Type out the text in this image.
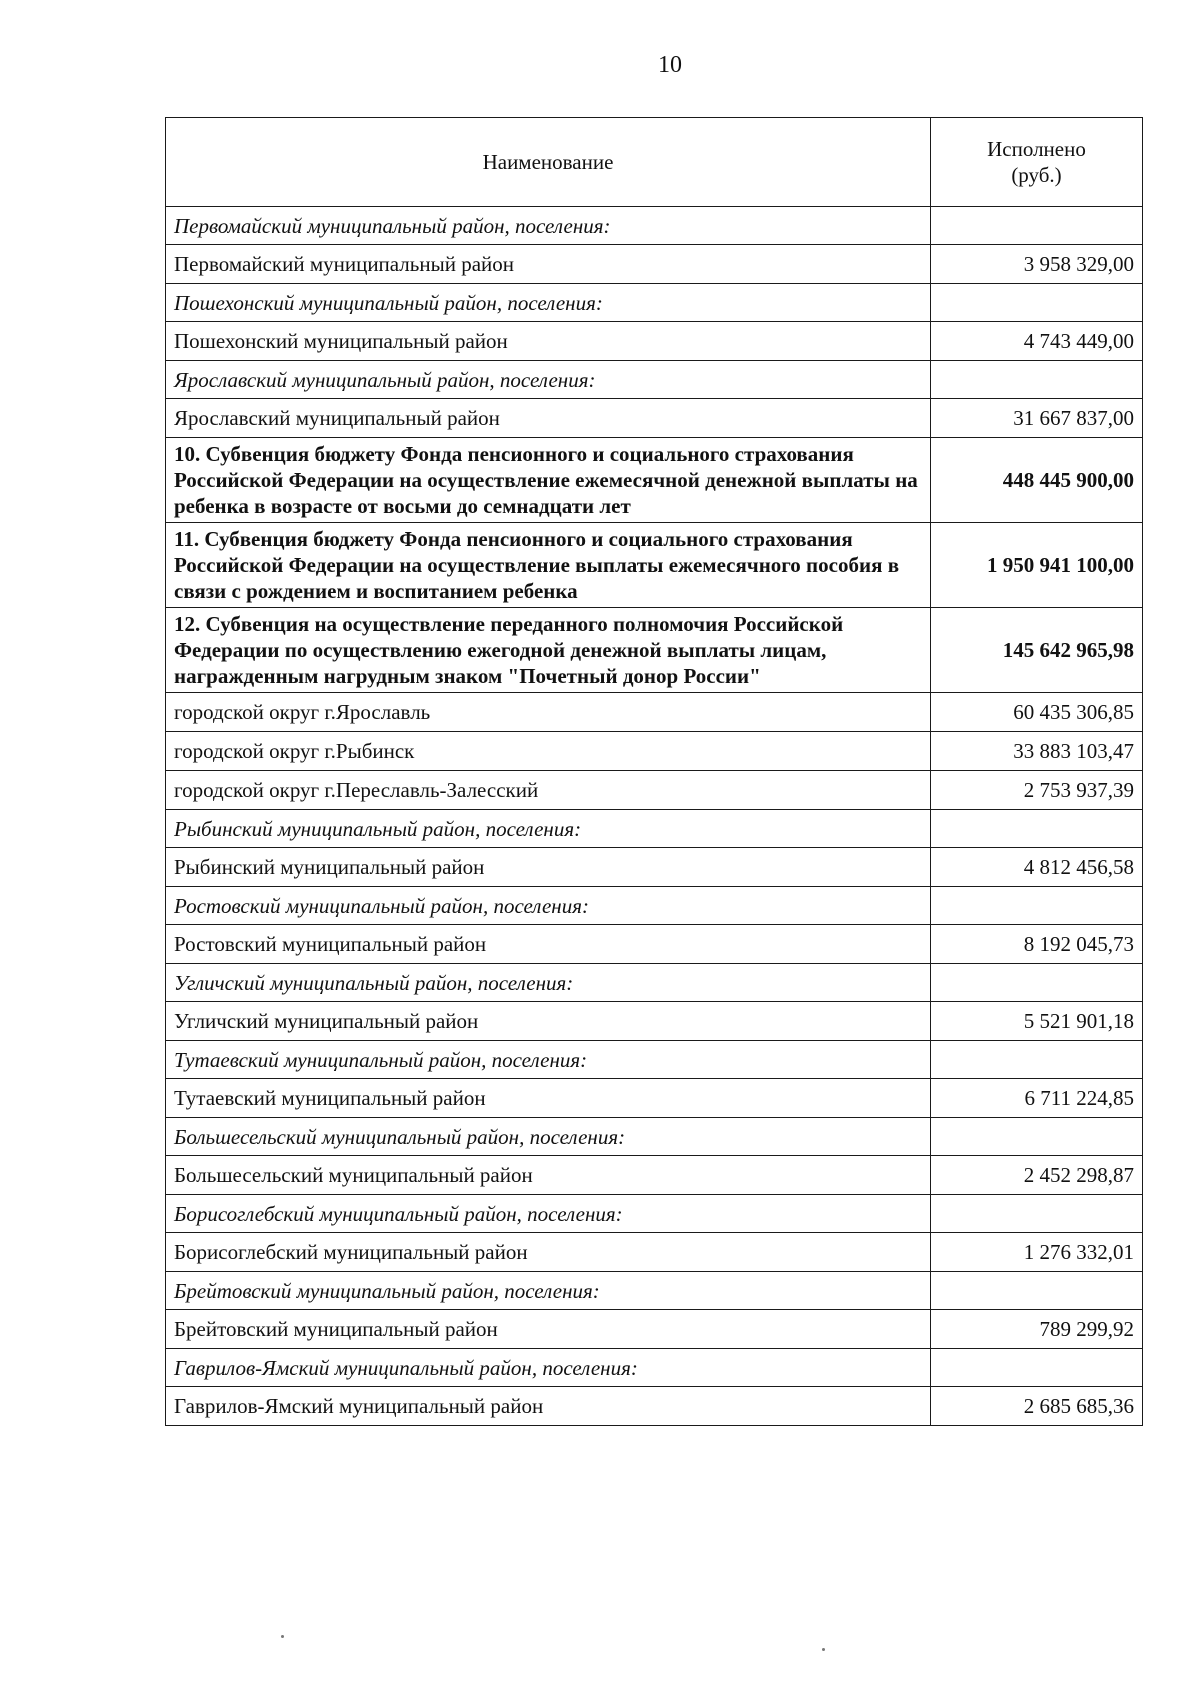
10
Наименование	Исполнено
(руб.)
Первомайский муниципальный район, поселения:	
Первомайский муниципальный район	3 958 329,00
Пошехонский муниципальный район, поселения:	
Пошехонский муниципальный район	4 743 449,00
Ярославский муниципальный район, поселения:	
Ярославский муниципальный район	31 667 837,00
10. Субвенция бюджету Фонда пенсионного и социального страхования Российской Федерации на осуществление ежемесячной денежной выплаты на ребенка в возрасте от восьми до семнадцати лет	448 445 900,00
11. Субвенция бюджету Фонда пенсионного и социального страхования Российской Федерации на осуществление выплаты ежемесячного пособия в связи с рождением и воспитанием ребенка	1 950 941 100,00
12. Субвенция на осуществление переданного полномочия Российской Федерации по осуществлению ежегодной денежной выплаты лицам, награжденным нагрудным знаком "Почетный донор России"	145 642 965,98
городской округ г.Ярославль	60 435 306,85
городской округ г.Рыбинск	33 883 103,47
городской округ г.Переславль-Залесский	2 753 937,39
Рыбинский муниципальный район, поселения:	
Рыбинский муниципальный район	4 812 456,58
Ростовский муниципальный район, поселения:	
Ростовский муниципальный район	8 192 045,73
Угличский муниципальный район, поселения:	
Угличский муниципальный район	5 521 901,18
Тутаевский муниципальный район, поселения:	
Тутаевский муниципальный район	6 711 224,85
Большесельский муниципальный район, поселения:	
Большесельский муниципальный район	2 452 298,87
Борисоглебский муниципальный район, поселения:	
Борисоглебский муниципальный район	1 276 332,01
Брейтовский муниципальный район, поселения:	
Брейтовский муниципальный район	789 299,92
Гаврилов-Ямский муниципальный район, поселения:	
Гаврилов-Ямский муниципальный район	2 685 685,36
